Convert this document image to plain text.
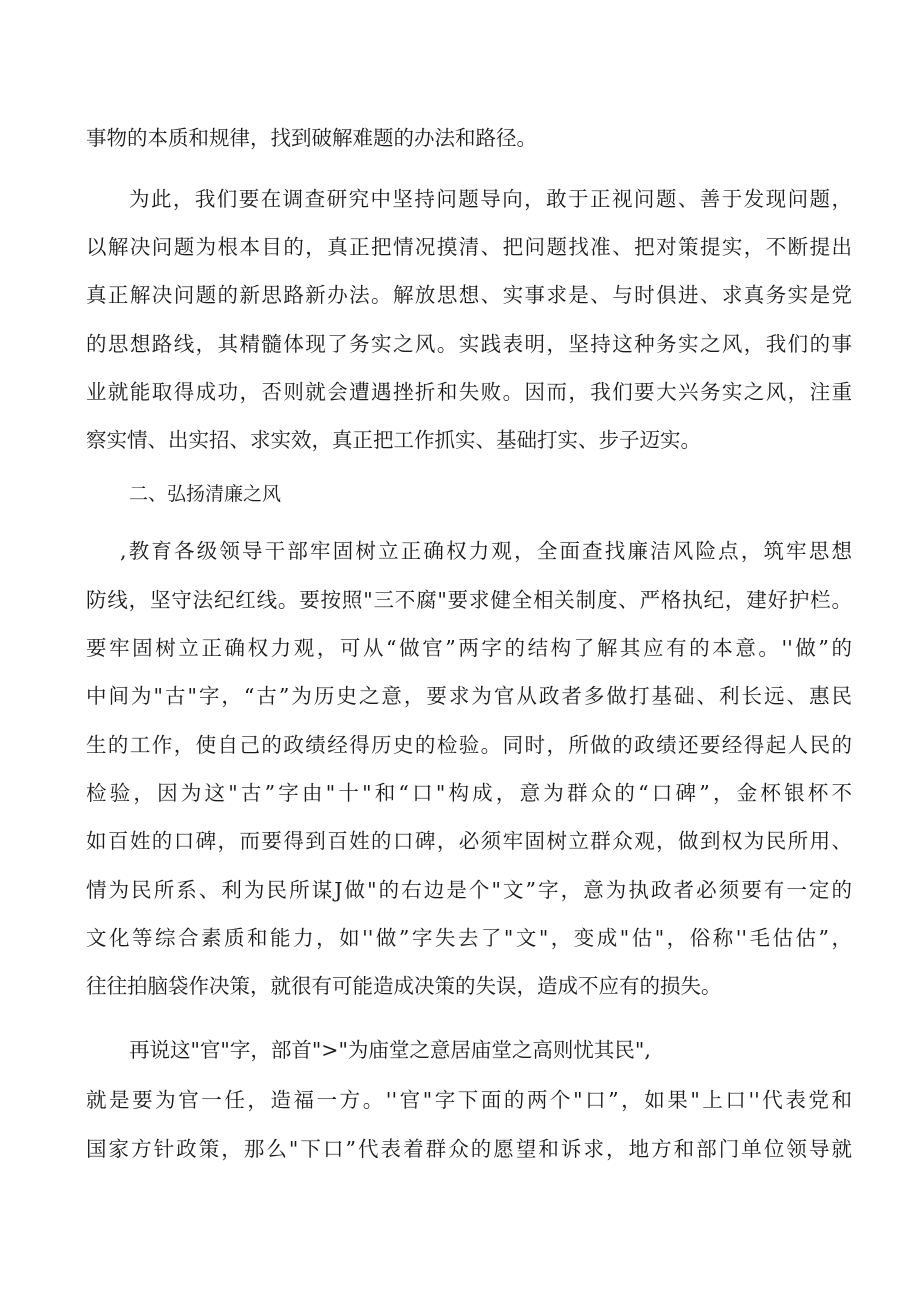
事物的本质和规律，找到破解难题的办法和路径。
为此，我们要在调查研究中坚持问题导向，敢于正视问题、善于发现问题，
以解决问题为根本目的，真正把情况摸清、把问题找准、把对策提实，不断提出
真正解决问题的新思路新办法。解放思想、实事求是、与时俱进、求真务实是党
的思想路线，其精髓体现了务实之风。实践表明，坚持这种务实之风，我们的事
业就能取得成功，否则就会遭遇挫折和失败。因而，我们要大兴务实之风，注重
察实情、出实招、求实效，真正把工作抓实、基础打实、步子迈实。
二、弘扬清廉之风
,教育各级领导干部牢固树立正确权力观，全面查找廉洁风险点，筑牢思想
防线，坚守法纪红线。要按照"三不腐"要求健全相关制度、严格执纪，建好护栏。
要牢固树立正确权力观，可从“做官”两字的结构了解其应有的本意。''做”的
中间为"古"字，“古”为历史之意，要求为官从政者多做打基础、利长远、惠民
生的工作，使自己的政绩经得历史的检验。同时，所做的政绩还要经得起人民的
检验，因为这"古”字由"十"和“口"构成，意为群众的“口碑”，金杯银杯不
如百姓的口碑，而要得到百姓的口碑，必须牢固树立群众观，做到权为民所用、
情为民所系、利为民所谋J做"的右边是个"文”字，意为执政者必须要有一定的
文化等综合素质和能力，如''做”字失去了"文"，变成"估"，俗称''毛估估”，
往往拍脑袋作决策，就很有可能造成决策的失误，造成不应有的损失。
再说这"官"字，部首">"为庙堂之意居庙堂之高则忧其民",
就是要为官一任，造福一方。''官"字下面的两个"口”，如果"上口''代表党和
国家方针政策，那么"下口”代表着群众的愿望和诉求，地方和部门单位领导就
